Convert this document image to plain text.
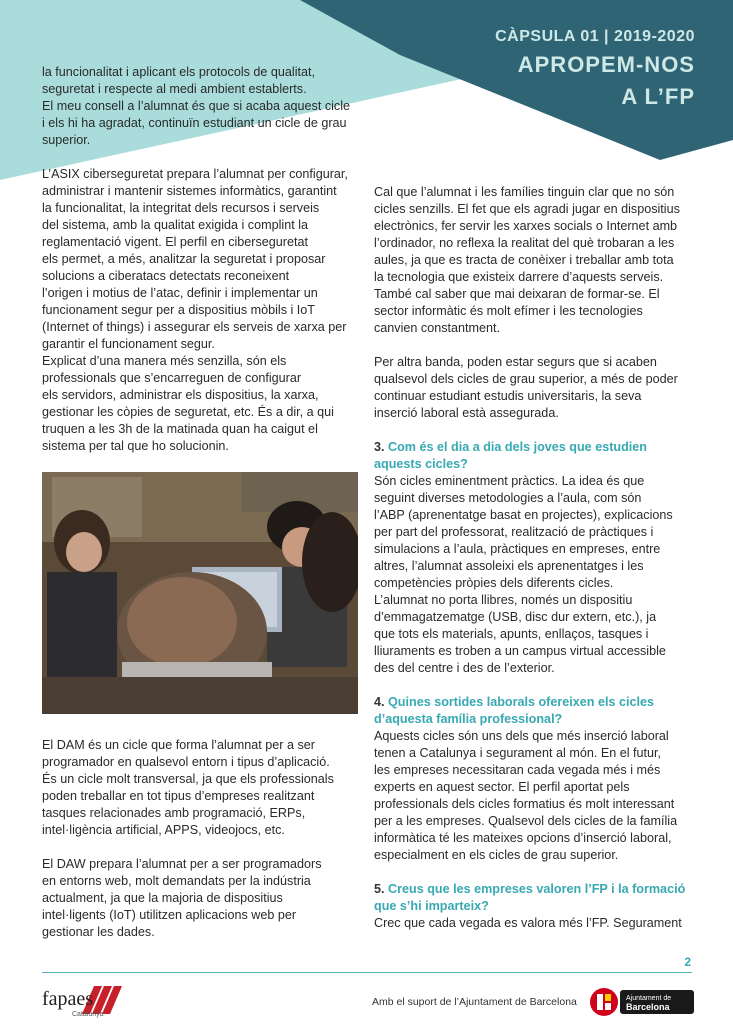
CÀPSULA 01 | 2019-2020
APROPEM-NOS
A L’FP

la funcionalitat i aplicant els protocols de qualitat,
seguretat i respecte al medi ambient establerts.
El meu consell a l’alumnat és que si acaba aquest cicle
i els hi ha agradat, continuïn estudiant un cicle de grau
superior.

L’ASIX ciberseguretat prepara l’alumnat per configurar,
administrar i mantenir sistemes informàtics, garantint
la funcionalitat, la integritat dels recursos i serveis
del sistema, amb la qualitat exigida i complint la
reglamentació vigent. El perfil en ciberseguretat
els permet, a més, analitzar la seguretat i proposar
solucions a ciberatacs detectats reconeixent
l’origen i motius de l’atac, definir i implementar un
funcionament segur per a dispositius mòbils i IoT
(Internet of things) i assegurar els serveis de xarxa per
garantir el funcionament segur.
Explicat d’una manera més senzilla, són els
professionals que s’encarreguen de configurar
els servidors, administrar els dispositius, la xarxa,
gestionar les còpies de seguretat, etc. És a dir, a qui
truquen a les 3h de la matinada quan ha caigut el
sistema per tal que ho solucionin.

El DAM és un cicle que forma l’alumnat per a ser
programador en qualsevol entorn i tipus d’aplicació.
És un cicle molt transversal, ja que els professionals
poden treballar en tot tipus d’empreses realitzant
tasques relacionades amb programació, ERPs,
intel·ligència artificial, APPS, videojocs, etc.

El DAW prepara l’alumnat per a ser programadors
en entorns web, molt demandats per la indústria
actualment, ja que la majoria de dispositius
intel·ligents (IoT) utilitzen aplicacions web per
gestionar les dades.

Cal que l’alumnat i les famílies tinguin clar que no són
cicles senzills. El fet que els agradi jugar en dispositius
electrònics, fer servir les xarxes socials o Internet amb
l’ordinador, no reflexa la realitat del què trobaran a les
aules, ja que es tracta de conèixer i treballar amb tota
la tecnologia que existeix darrere d’aquests serveis.
També cal saber que mai deixaran de formar-se. El
sector informàtic és molt efímer i les tecnologies
canvien constantment.

Per altra banda, poden estar segurs que si acaben
qualsevol dels cicles de grau superior, a més de poder
continuar estudiant estudis universitaris, la seva
inserció laboral està assegurada.

3. Com és el dia a dia dels joves que estudien
aquests cicles?

Són cicles eminentment pràctics. La idea és que
seguint diverses metodologies a l’aula, com són
l’ABP (aprenentatge basat en projectes), explicacions
per part del professorat, realització de pràctiques i
simulacions a l’aula, pràctiques en empreses, entre
altres, l’alumnat assoleixi els aprenentatges i les
competències pròpies dels diferents cicles.
L’alumnat no porta llibres, només un dispositiu
d’emmagatzematge (USB, disc dur extern, etc.), ja
que tots els materials, apunts, enllaços, tasques i
lliuraments es troben a un campus virtual accessible
des del centre i des de l’exterior.

4. Quines sortides laborals ofereixen els cicles
d’aquesta família professional?

Aquests cicles són uns dels que més inserció laboral
tenen a Catalunya i segurament al món. En el futur,
les empreses necessitaran cada vegada més i més
experts en aquest sector. El perfil aportat pels
professionals dels cicles formatius és molt interessant
per a les empreses. Qualsevol dels cicles de la família
informàtica té les mateixes opcions d’inserció laboral,
especialment en els cicles de grau superior.

5. Creus que les empreses valoren l’FP i la formació
que s’hi imparteix?

Crec que cada vegada es valora més l’FP. Segurament

2
fapaes
Catalunya
Amb el suport de l’Ajuntament de Barcelona	Ajuntament de
Barcelona
